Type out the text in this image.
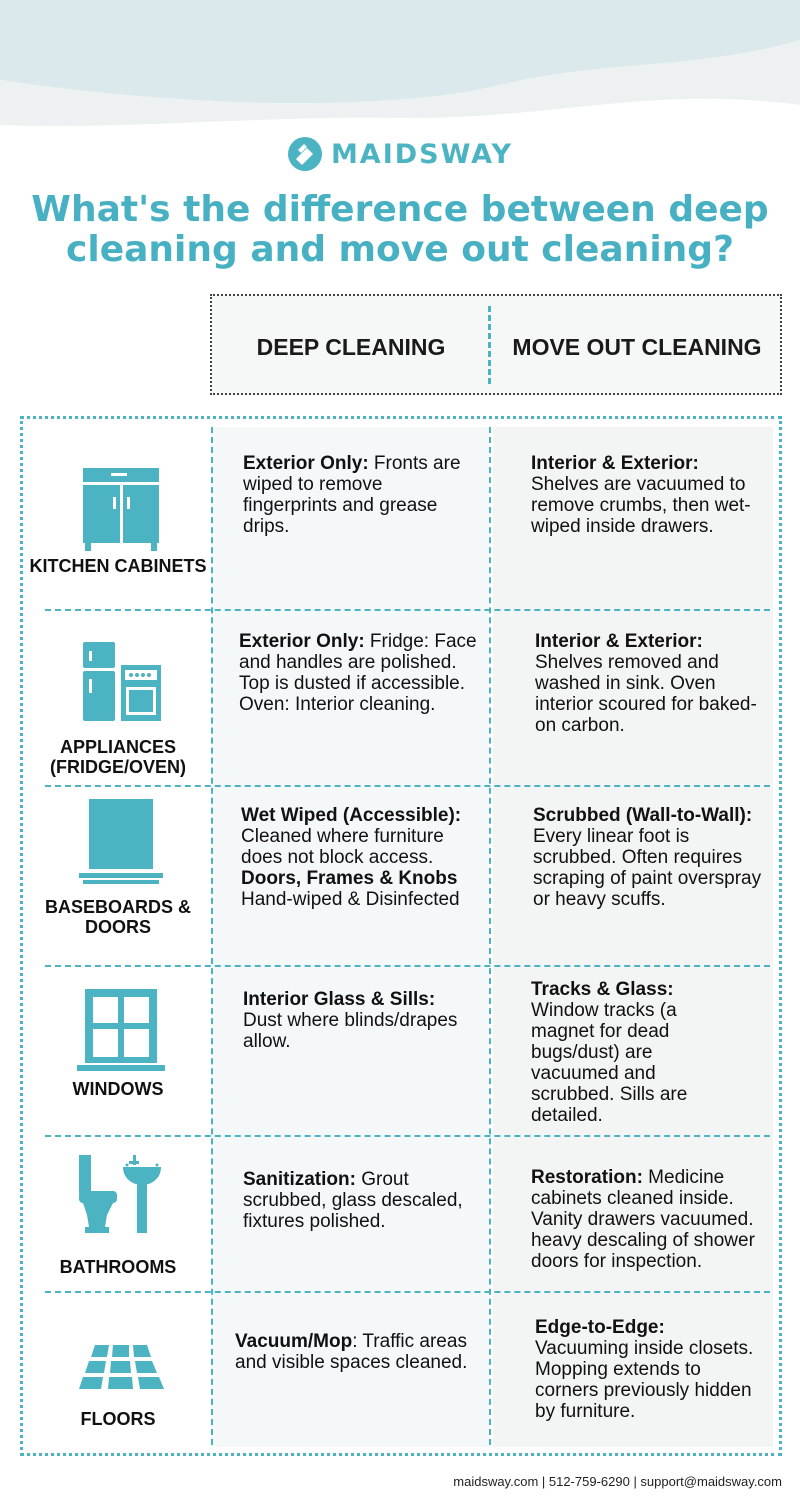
MAIDSWAY
What's the difference between deep cleaning and move out cleaning?
DEEP CLEANING	MOVE OUT CLEANING
KITCHEN CABINETS
Exterior Only: Fronts are wiped to remove fingerprints and grease drips.
Interior & Exterior: Shelves are vacuumed to remove crumbs, then wet-wiped inside drawers.
APPLIANCES (FRIDGE/OVEN)
Exterior Only: Fridge: Face and handles are polished. Top is dusted if accessible. Oven: Interior cleaning.
Interior & Exterior: Shelves removed and washed in sink. Oven interior scoured for baked-on carbon.
BASEBOARDS & DOORS
Wet Wiped (Accessible): Cleaned where furniture does not block access.
Doors, Frames & Knobs Hand-wiped & Disinfected
Scrubbed (Wall-to-Wall): Every linear foot is scrubbed. Often requires scraping of paint overspray or heavy scuffs.
WINDOWS
Interior Glass & Sills: Dust where blinds/drapes allow.
Tracks & Glass: Window tracks (a magnet for dead bugs/dust) are vacuumed and scrubbed. Sills are detailed.
BATHROOMS
Sanitization: Grout scrubbed, glass descaled, fixtures polished.
Restoration: Medicine cabinets cleaned inside. Vanity drawers vacuumed. heavy descaling of shower doors for inspection.
FLOORS
Vacuum/Mop: Traffic areas and visible spaces cleaned.
Edge-to-Edge: Vacuuming inside closets. Mopping extends to corners previously hidden by furniture.
maidsway.com | 512-759-6290 | support@maidsway.com
